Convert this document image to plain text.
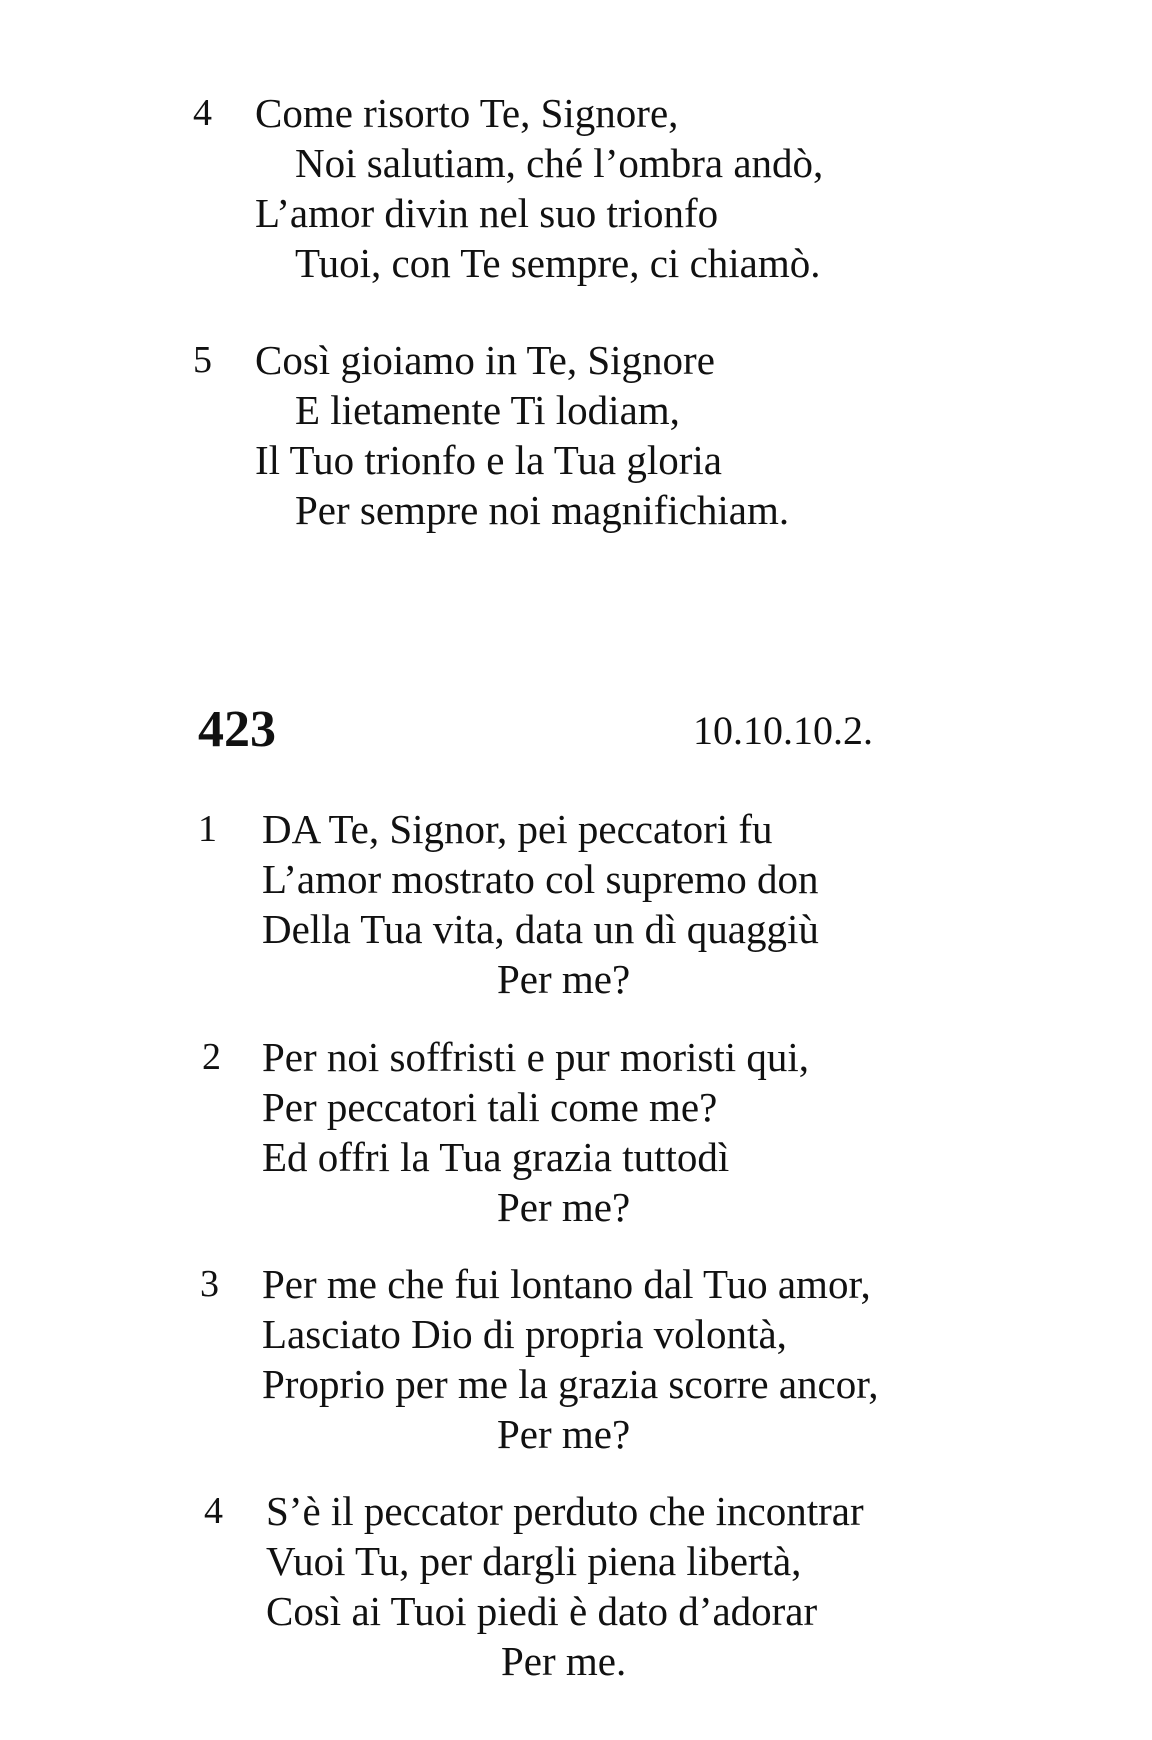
4 Come risorto Te, Signore,
Noi salutiam, ché l’ombra andò,
L’amor divin nel suo trionfo
Tuoi, con Te sempre, ci chiamò.
5 Così gioiamo in Te, Signore
E lietamente Ti lodiam,
Il Tuo trionfo e la Tua gloria
Per sempre noi magnifichiam.
423	10.10.10.2.
1 DA Te, Signor, pei peccatori fu
L’amor mostrato col supremo don
Della Tua vita, data un dì quaggiù
Per me?
2 Per noi soffristi e pur moristi qui,
Per peccatori tali come me?
Ed offri la Tua grazia tuttodì
Per me?
3 Per me che fui lontano dal Tuo amor,
Lasciato Dio di propria volontà,
Proprio per me la grazia scorre ancor,
Per me?
4 S’è il peccator perduto che incontrar
Vuoi Tu, per dargli piena libertà,
Così ai Tuoi piedi è dato d’adorar
Per me.
